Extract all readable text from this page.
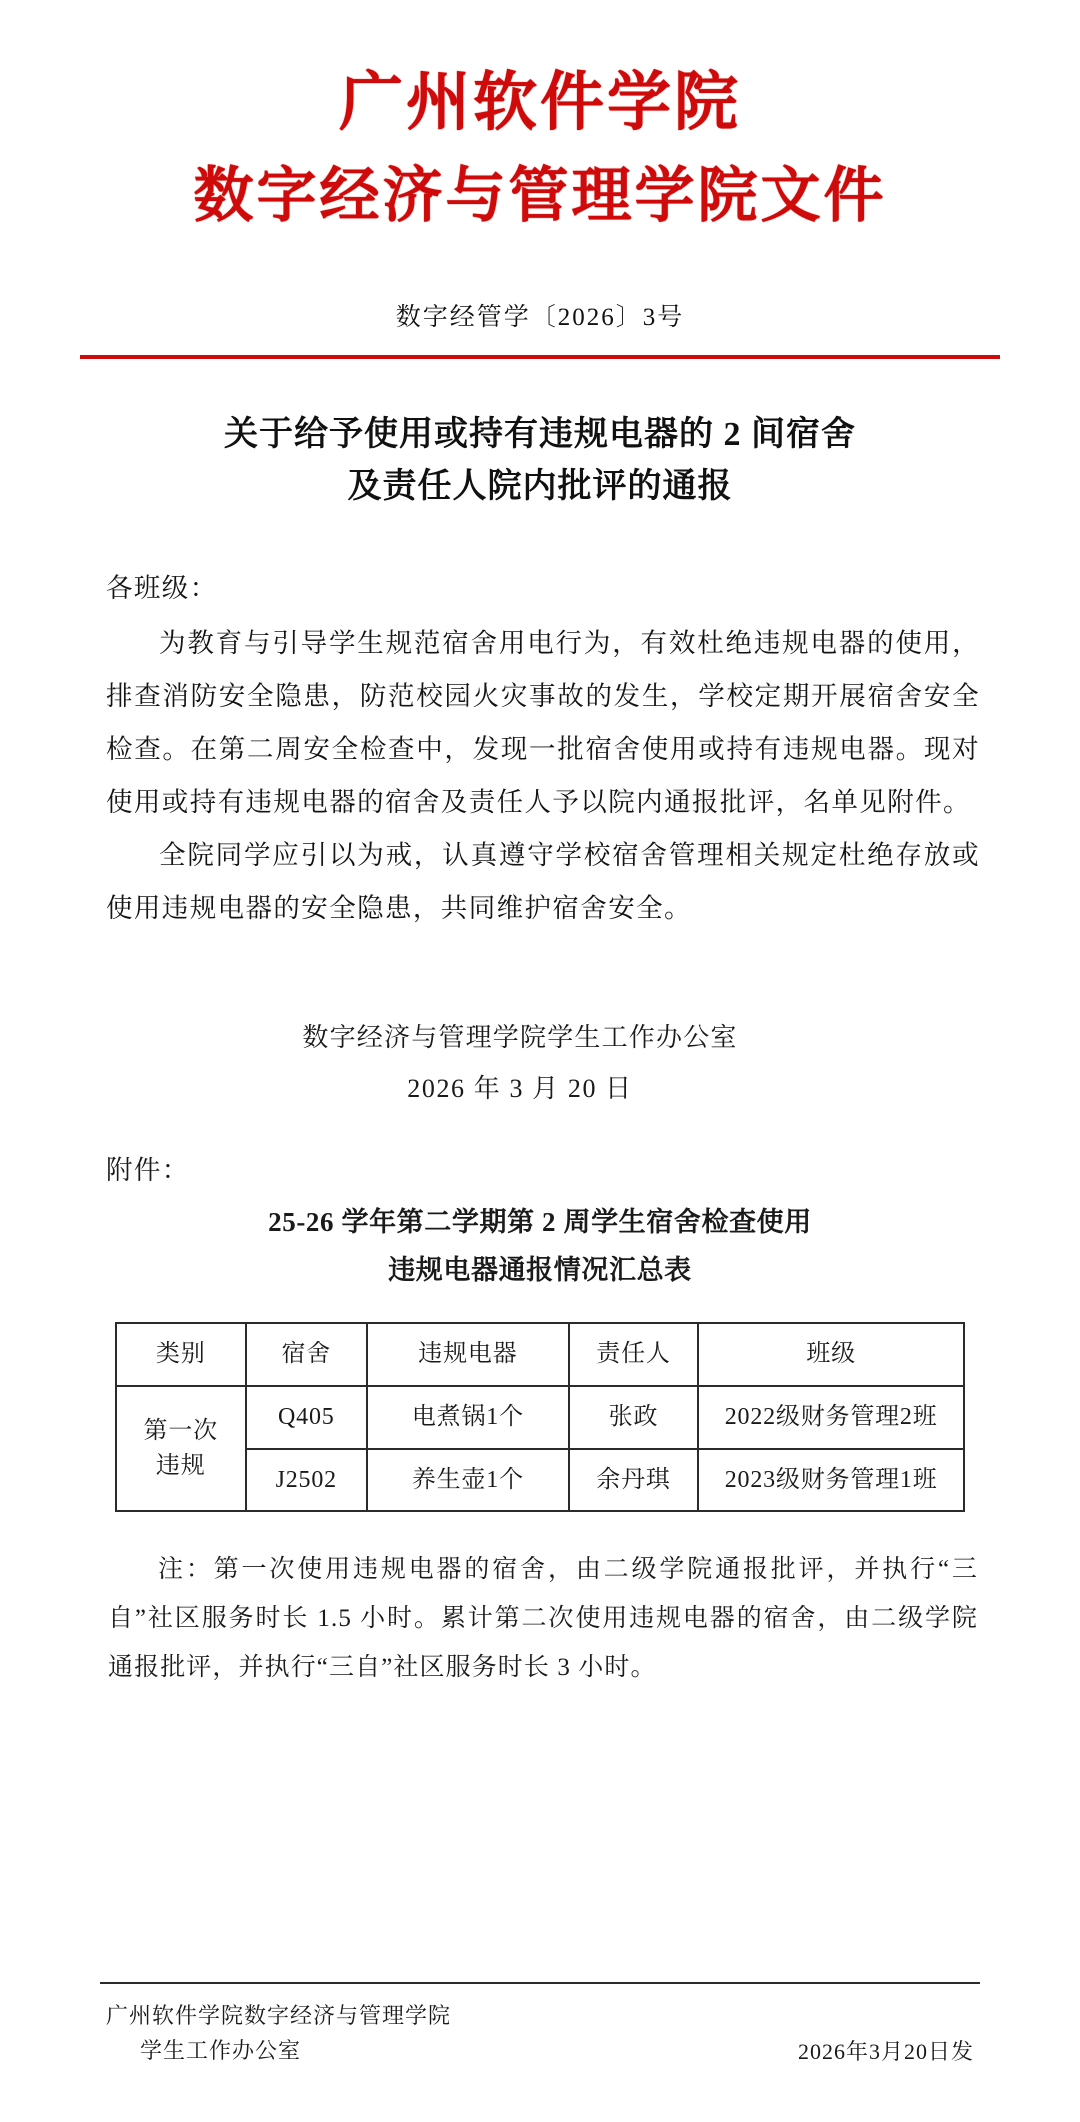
广州软件学院
数字经济与管理学院文件
数字经管学〔2026〕3号
关于给予使用或持有违规电器的 2 间宿舍
及责任人院内批评的通报
各班级：
为教育与引导学生规范宿舍用电行为，有效杜绝违规电器的使用，排查消防安全隐患，防范校园火灾事故的发生，学校定期开展宿舍安全检查。在第二周安全检查中，发现一批宿舍使用或持有违规电器。现对使用或持有违规电器的宿舍及责任人予以院内通报批评，名单见附件。
全院同学应引以为戒，认真遵守学校宿舍管理相关规定杜绝存放或使用违规电器的安全隐患，共同维护宿舍安全。
数字经济与管理学院学生工作办公室
2026 年 3 月 20 日
附件：
25-26 学年第二学期第 2 周学生宿舍检查使用
违规电器通报情况汇总表
类别	宿舍	违规电器	责任人	班级

第一次
违规	Q405	电煮锅1个	张政	2022级财务管理2班
	J2502	养生壶1个	余丹琪	2023级财务管理1班
注：第一次使用违规电器的宿舍，由二级学院通报批评，并执行“三自”社区服务时长 1.5 小时。累计第二次使用违规电器的宿舍，由二级学院通报批评，并执行“三自”社区服务时长 3 小时。
广州软件学院数字经济与管理学院
学生工作办公室	2026年3月20日发
